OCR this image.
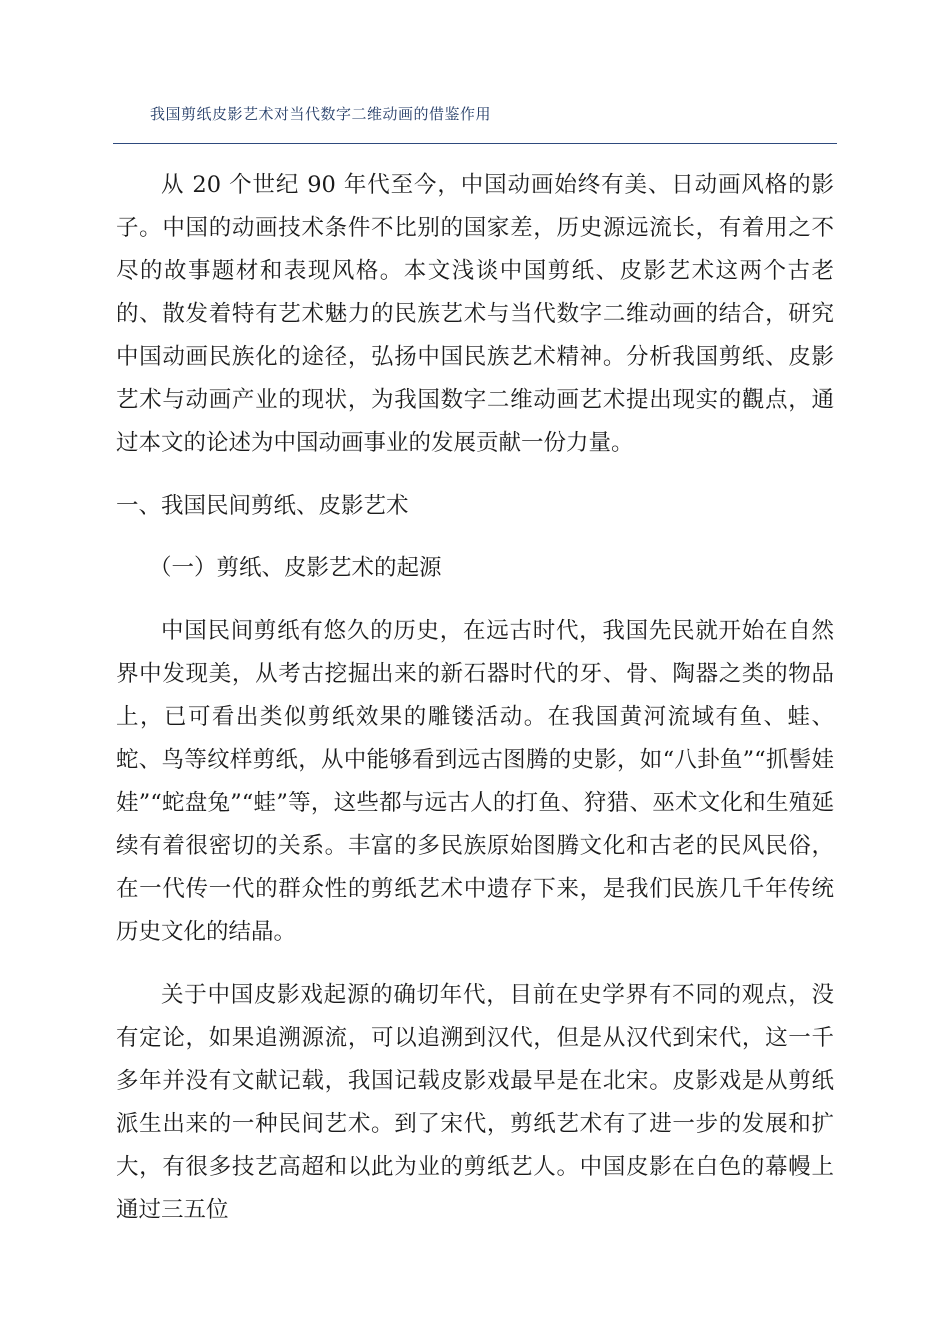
我国剪纸皮影艺术对当代数字二维动画的借鉴作用

从 20 个世纪 90 年代至今，中国动画始终有美、日动画风格的影子。中国的动画技术条件不比别的国家差，历史源远流长，有着用之不尽的故事题材和表现风格。本文浅谈中国剪纸、皮影艺术这两个古老的、散发着特有艺术魅力的民族艺术与当代数字二维动画的结合，研究中国动画民族化的途径，弘扬中国民族艺术精神。分析我国剪纸、皮影艺术与动画产业的现状，为我国数字二维动画艺术提出现实的觀点，通过本文的论述为中国动画事业的发展贡献一份力量。

一、我国民间剪纸、皮影艺术

（一）剪纸、皮影艺术的起源

中国民间剪纸有悠久的历史，在远古时代，我国先民就开始在自然界中发现美，从考古挖掘出来的新石器时代的牙、骨、陶器之类的物品上，已可看出类似剪纸效果的雕镂活动。在我国黄河流域有鱼、蛙、蛇、鸟等纹样剪纸，从中能够看到远古图腾的史影，如“八卦鱼”“抓髻娃娃”“蛇盘兔”“蛙”等，这些都与远古人的打鱼、狩猎、巫术文化和生殖延续有着很密切的关系。丰富的多民族原始图腾文化和古老的民风民俗，在一代传一代的群众性的剪纸艺术中遗存下来，是我们民族几千年传统历史文化的结晶。

关于中国皮影戏起源的确切年代，目前在史学界有不同的观点，没有定论，如果追溯源流，可以追溯到汉代，但是从汉代到宋代，这一千多年并没有文献记载，我国记载皮影戏最早是在北宋。皮影戏是从剪纸派生出来的一种民间艺术。到了宋代，剪纸艺术有了进一步的发展和扩大，有很多技艺高超和以此为业的剪纸艺人。中国皮影在白色的幕幔上通过三五位
